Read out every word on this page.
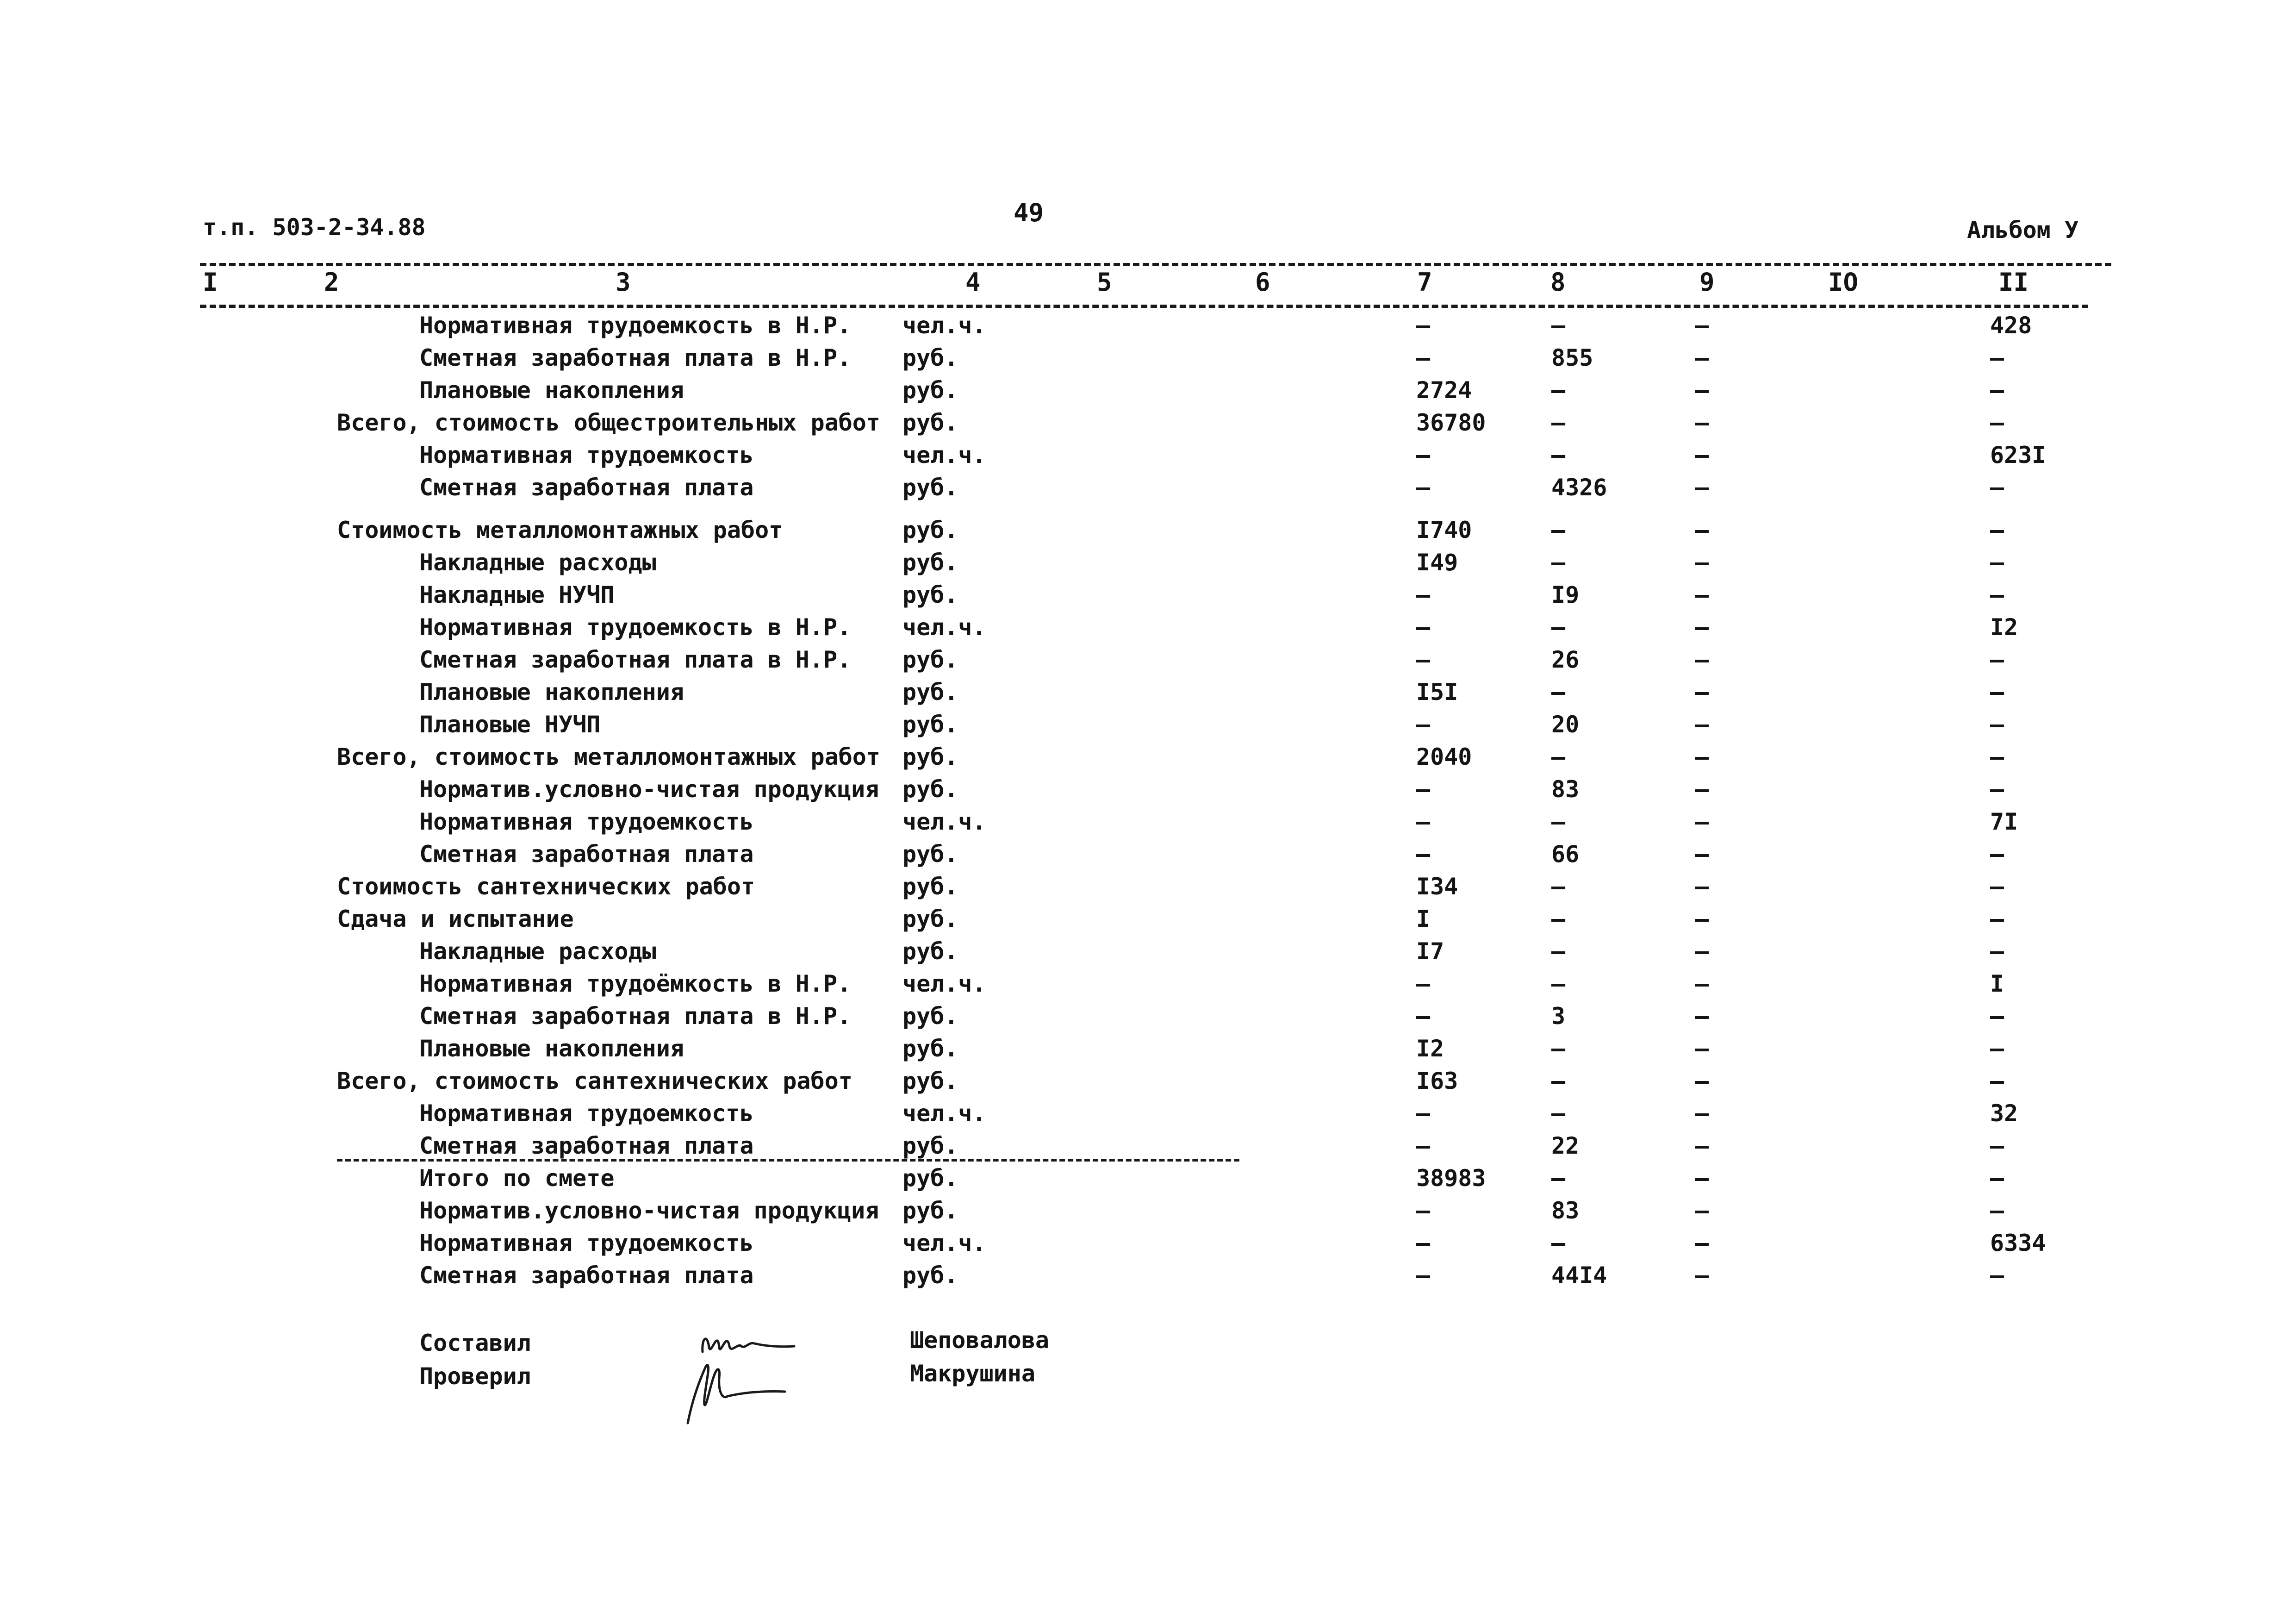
т.п. 503-2-34.88	49
Альбом У
I	2	3	4	5	6	7	8	9	IO	II
Нормативная трудоемкость в Н.Р. чел.ч.	–	–	–	428
Сметная заработная плата в Н.Р. руб.	–	855	–	–
Плановые накопления	руб.	2724	–	–	–
Всего, стоимость общестроительных работ руб.	36780	–	–	–
Нормативная трудоемкость	чел.ч.	–	–	–	623I
Сметная заработная плата	руб.	–	4326	–	–
Стоимость металломонтажных работ	руб.	I740	–	–	–
Накладные расходы	руб.	I49	–	–	–
Накладные НУЧП	руб.	–	I9	–	–
Нормативная трудоемкость в Н.Р. чел.ч.	–	–	–	I2
Сметная заработная плата в Н.Р. руб.	–	26	–	–
Плановые накопления	руб.	I5I	–	–	–
Плановые НУЧП	руб.	–	20	–	–
Всего, стоимость металломонтажных работ руб.	2040	–	–	–
Норматив.условно-чистая продукция руб.	–	83	–	–
Нормативная трудоемкость	чел.ч.	–	–	–	7I
Сметная заработная плата	руб.	–	66	–	–
Стоимость сантехнических работ	руб.	I34	–	–	–
Сдача и испытание	руб.	I	–	–	–
Накладные расходы	руб.	I7	–	–	–
Нормативная трудоёмкость в Н.Р. чел.ч.	–	–	–	I
Сметная заработная плата в Н.Р. руб.	–	3	–	–
Плановые накопления	руб.	I2	–	–	–
Всего, стоимость сантехнических работ руб.	I63	–	–	–
Нормативная трудоемкость	чел.ч.	–	–	–	32
Сметная заработная плата	руб.	–	22	–	–
Итого по смете	руб.	38983	–	–	–
Норматив.условно-чистая продукция руб.	–	83	–	–
Нормативная трудоемкость	чел.ч.	–	–	–	6334
Сметная заработная плата	руб.	–	44I4	–	–
Составил	Шеповалова
Проверил	Макрушина
